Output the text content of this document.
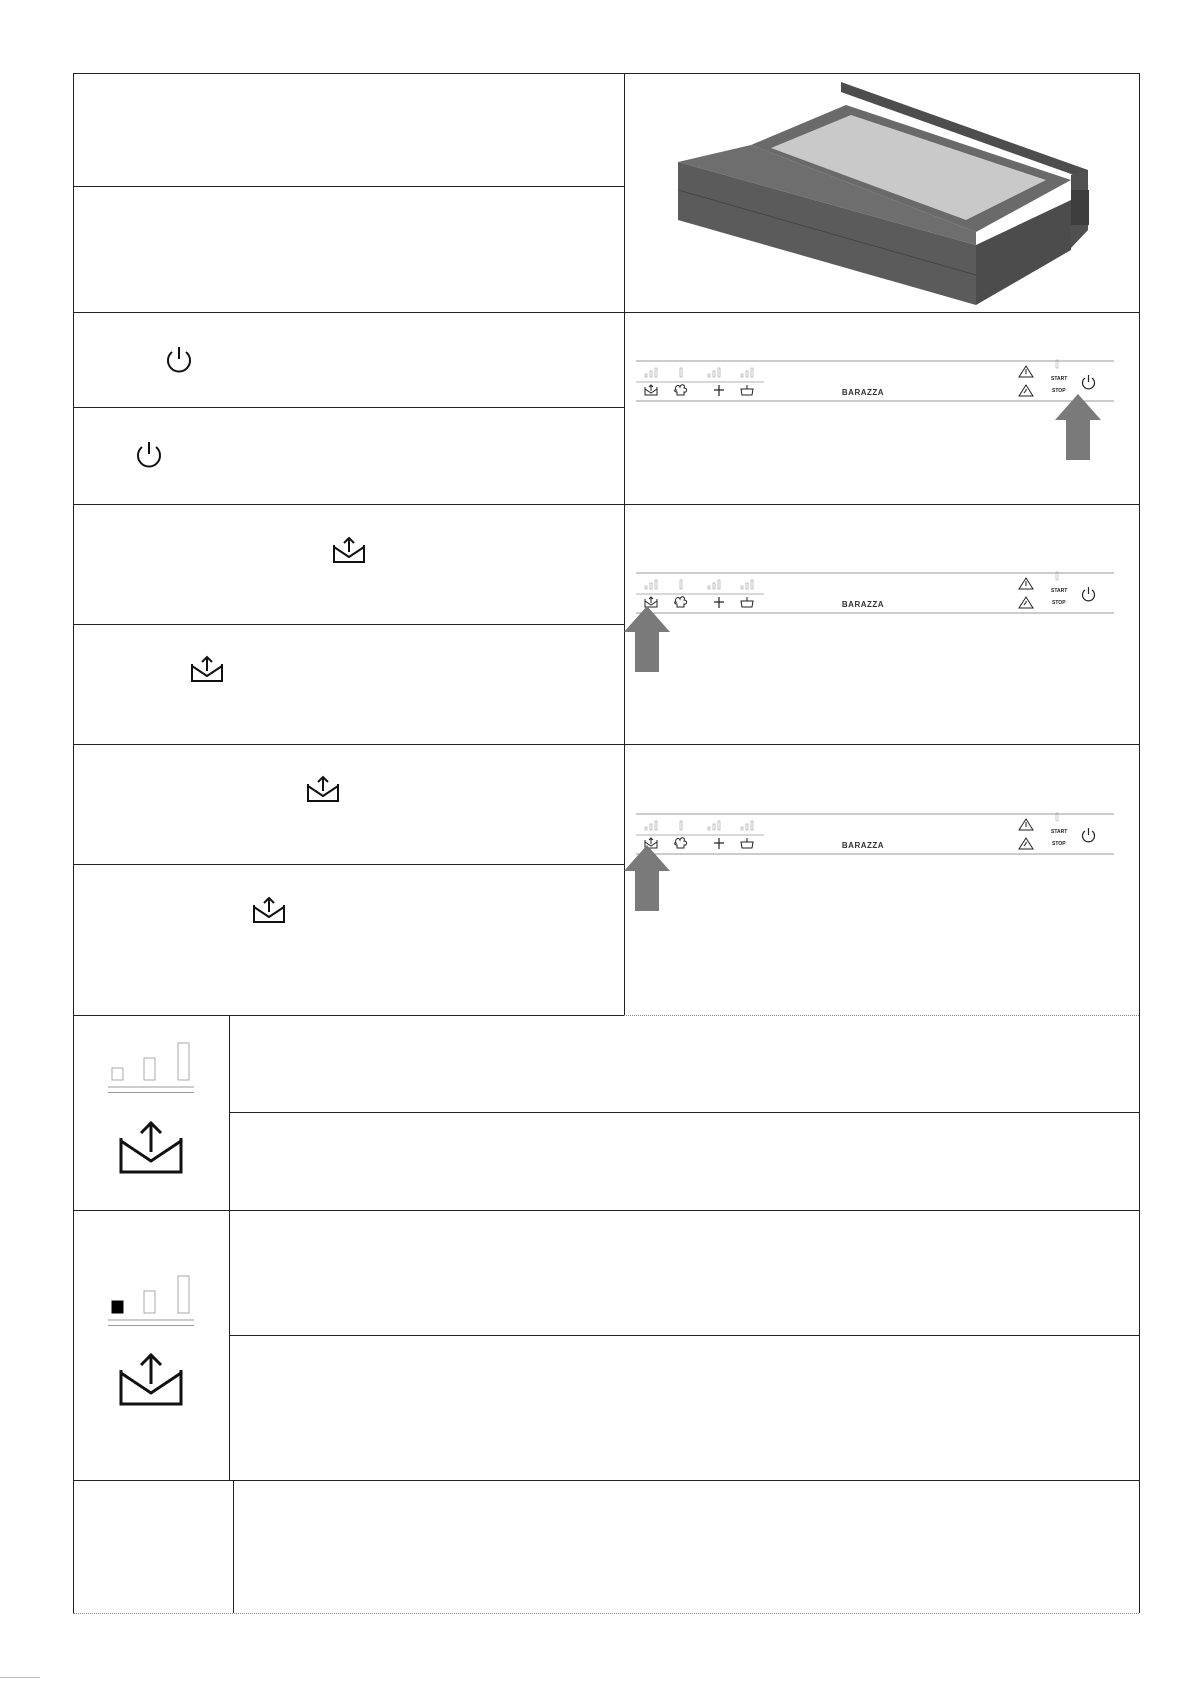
BARAZZA
START
STOP
BARAZZA
START
STOP
BARAZZA
START
STOP
